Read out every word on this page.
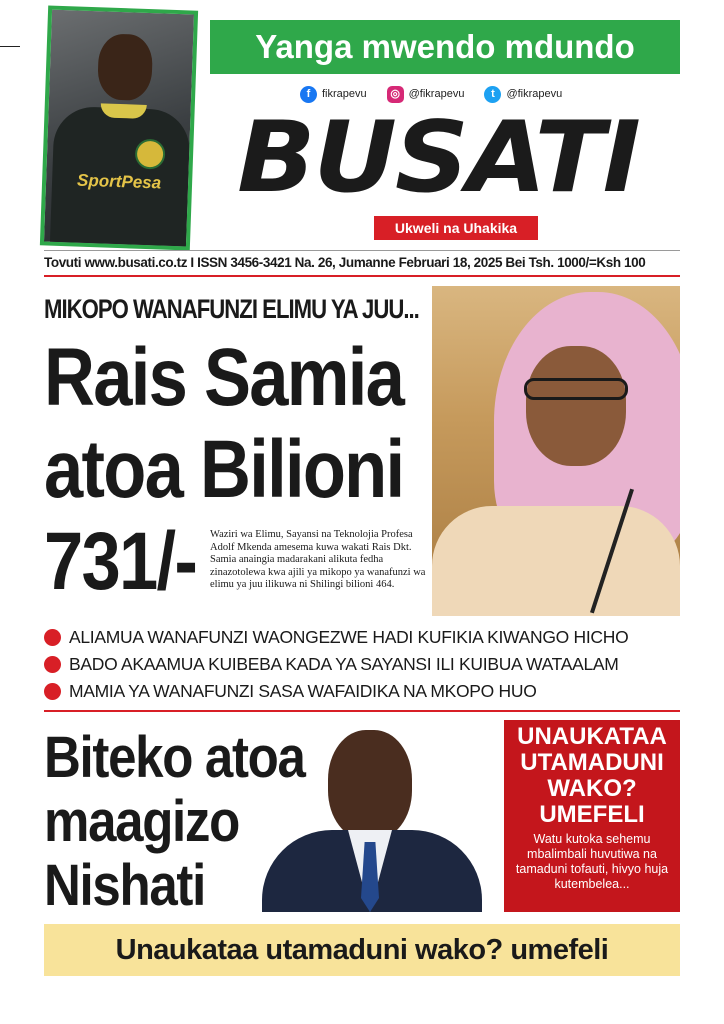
SportPesa
Yanga mwendo mdundo
f	fikrapevu	◎ @fikrapevu	t	@fikrapevu
BUSATI
Ukweli na Uhakika
Tovuti www.busati.co.tz I ISSN 3456-3421 Na. 26, Jumanne Februari 18, 2025 Bei Tsh. 1000/=Ksh 100
MIKOPO WANAFUNZI ELIMU YA JUU...
Rais Samia
atoa Bilioni
731/-	Waziri wa Elimu, Sayansi na Teknolojia Profesa Adolf Mkenda amesema kuwa wakati Rais Dkt. Samia anaingia madarakani alikuta fedha zinazotolewa kwa ajili ya mikopo ya wanafunzi wa elimu ya juu ilikuwa ni Shilingi bilioni 464.
ALIAMUA WANAFUNZI WAONGEZWE HADI KUFIKIA KIWANGO HICHO
BADO AKAAMUA KUIBEBA KADA YA SAYANSI ILI KUIBUA WATAALAM
MAMIA YA WANAFUNZI SASA WAFAIDIKA NA MKOPO HUO
Biteko atoa
maagizo
Nishati
UNAUKATAA
UTAMADUNI
WAKO?
UMEFELI
Watu kutoka sehemu mbalimbali huvutiwa na tamaduni tofauti, hivyo huja kutembelea...
Unaukataa utamaduni wako? umefeli
